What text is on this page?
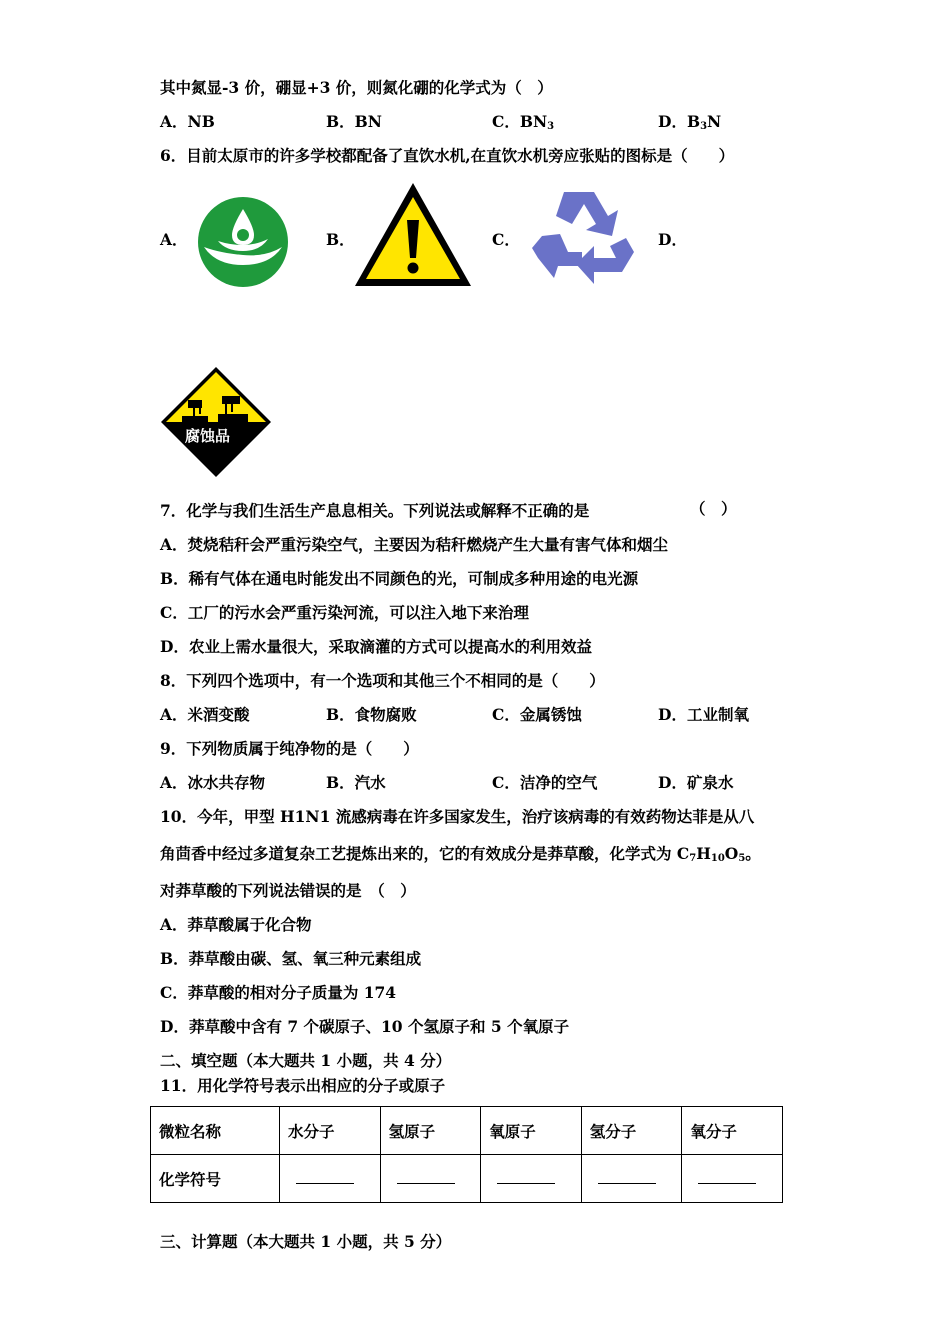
其中氮显-3 价，硼显+3 价，则氮化硼的化学式为（　）
A．NB	B．BN	C．$BN_3$	D．$B_3N$
6．目前太原市的许多学校都配备了直饮水机,在直饮水机旁应张贴的图标是（　　）
A．	B．	C．	D．
腐蚀品
7．化学与我们生活生产息息相关。下列说法或解释不正确的是	（　）
A．焚烧秸秆会严重污染空气，主要因为秸秆燃烧产生大量有害气体和烟尘
B．稀有气体在通电时能发出不同颜色的光，可制成多种用途的电光源
C．工厂的污水会严重污染河流，可以注入地下来治理
D．农业上需水量很大，采取滴灌的方式可以提高水的利用效益
8．下列四个选项中，有一个选项和其他三个不相同的是（　　）
A．米酒变酸	B．食物腐败	C．金属锈蚀	D．工业制氧
9．下列物质属于纯净物的是（　　）
A．冰水共存物	B．汽水	C．洁净的空气	D．矿泉水
10．今年，甲型 H1N1 流感病毒在许多国家发生，治疗该病毒的有效药物达菲是从八
角茴香中经过多道复杂工艺提炼出来的，它的有效成分是莽草酸，化学式为 $C_7H_{10}O_5$。
对莽草酸的下列说法错误的是　（　）
A．莽草酸属于化合物
B．莽草酸由碳、氢、氧三种元素组成
C．莽草酸的相对分子质量为 174
D．莽草酸中含有 7 个碳原子、10 个氢原子和 5 个氧原子
二、填空题（本大题共 1 小题，共 4 分）
11．用化学符号表示出相应的分子或原子
微粒名称	水分子	氢原子	氧原子	氢分子	氧分子
化学符号					
三、计算题（本大题共 1 小题，共 5 分）
